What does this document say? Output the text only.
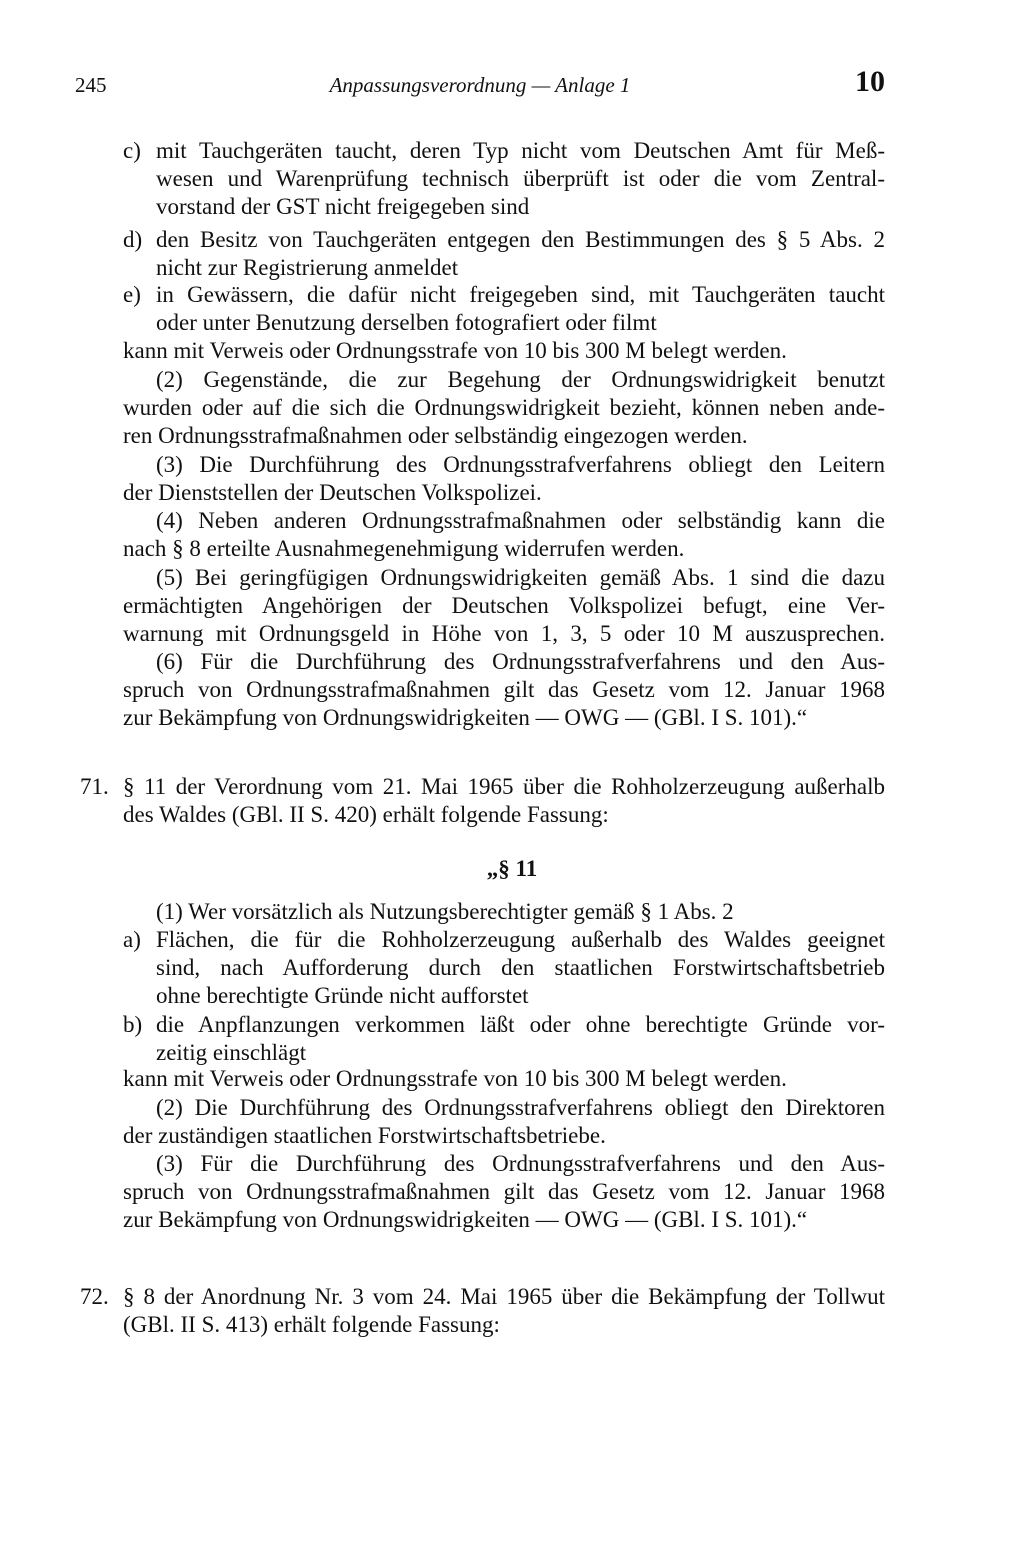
245	Anpassungsverordnung — Anlage 1	10
c) mit Tauchgeräten taucht, deren Typ nicht vom Deutschen Amt für Meß-
wesen und Warenprüfung technisch überprüft ist oder die vom Zentral-
vorstand der GST nicht freigegeben sind
d) den Besitz von Tauchgeräten entgegen den Bestimmungen des § 5 Abs. 2
nicht zur Registrierung anmeldet
e) in Gewässern, die dafür nicht freigegeben sind, mit Tauchgeräten taucht
oder unter Benutzung derselben fotografiert oder filmt
kann mit Verweis oder Ordnungsstrafe von 10 bis 300 M belegt werden.
(2) Gegenstände, die zur Begehung der Ordnungswidrigkeit benutzt
wurden oder auf die sich die Ordnungswidrigkeit bezieht, können neben ande-
ren Ordnungsstrafmaßnahmen oder selbständig eingezogen werden.
(3) Die Durchführung des Ordnungsstrafverfahrens obliegt den Leitern
der Dienststellen der Deutschen Volkspolizei.
(4) Neben anderen Ordnungsstrafmaßnahmen oder selbständig kann die
nach § 8 erteilte Ausnahmegenehmigung widerrufen werden.
(5) Bei geringfügigen Ordnungswidrigkeiten gemäß Abs. 1 sind die dazu
ermächtigten Angehörigen der Deutschen Volkspolizei befugt, eine Ver-
warnung mit Ordnungsgeld in Höhe von 1, 3, 5 oder 10 M auszusprechen.
(6) Für die Durchführung des Ordnungsstrafverfahrens und den Aus-
spruch von Ordnungsstrafmaßnahmen gilt das Gesetz vom 12. Januar 1968
zur Bekämpfung von Ordnungswidrigkeiten — OWG — (GBl. I S. 101).“
71. § 11 der Verordnung vom 21. Mai 1965 über die Rohholzerzeugung außerhalb
des Waldes (GBl. II S. 420) erhält folgende Fassung:
„§ 11
(1) Wer vorsätzlich als Nutzungsberechtigter gemäß § 1 Abs. 2
a) Flächen, die für die Rohholzerzeugung außerhalb des Waldes geeignet
sind, nach Aufforderung durch den staatlichen Forstwirtschaftsbetrieb
ohne berechtigte Gründe nicht aufforstet
b) die Anpflanzungen verkommen läßt oder ohne berechtigte Gründe vor-
zeitig einschlägt
kann mit Verweis oder Ordnungsstrafe von 10 bis 300 M belegt werden.
(2) Die Durchführung des Ordnungsstrafverfahrens obliegt den Direktoren
der zuständigen staatlichen Forstwirtschaftsbetriebe.
(3) Für die Durchführung des Ordnungsstrafverfahrens und den Aus-
spruch von Ordnungsstrafmaßnahmen gilt das Gesetz vom 12. Januar 1968
zur Bekämpfung von Ordnungswidrigkeiten — OWG — (GBl. I S. 101).“
72. § 8 der Anordnung Nr. 3 vom 24. Mai 1965 über die Bekämpfung der Tollwut
(GBl. II S. 413) erhält folgende Fassung:
